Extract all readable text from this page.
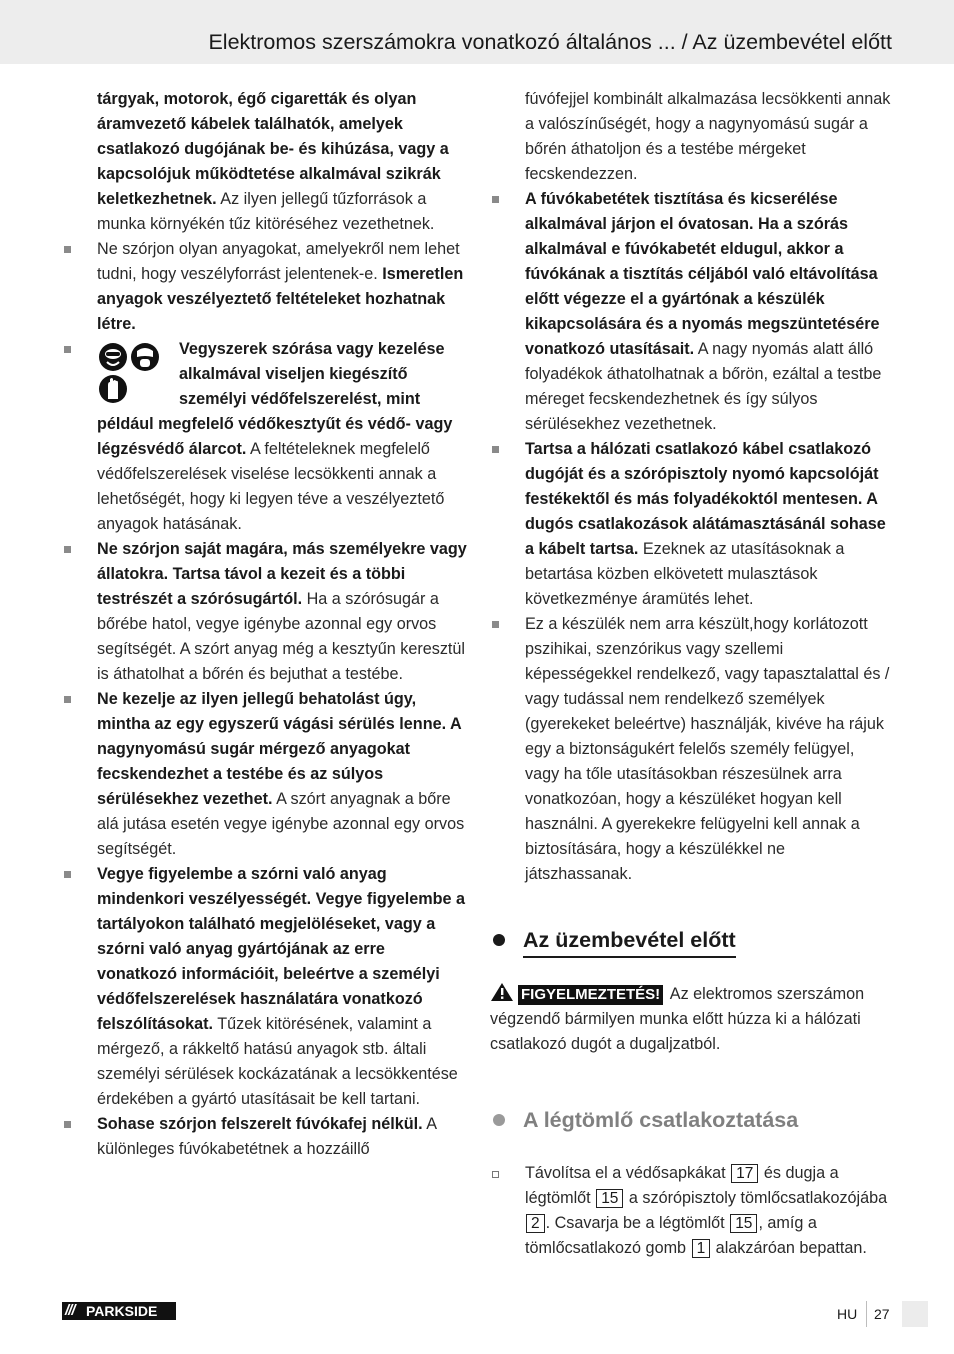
Elektromos szerszámokra vonatkozó általános ... / Az üzembevétel előtt
tárgyak, motorok, égő cigaretták és olyan áramvezető kábelek találhatók, amelyek csatlakozó dugójának be- és kihúzása, vagy a kapcsolójuk működtetése alkalmával szikrák keletkezhetnek. Az ilyen jellegű tűzforrások a munka környékén tűz kitöréséhez vezethetnek.
Ne szórjon olyan anyagokat, amelyekről nem lehet tudni, hogy veszélyforrást jelentenek-e. Ismeretlen anyagok veszélyeztető feltételeket hozhatnak létre.
Vegyszerek szórása vagy kezelése alkalmával viseljen kiegészítő személyi védőfelszerelést, mint például megfelelő védőkesztyűt és védő- vagy légzésvédő álarcot. A feltételeknek megfelelő védőfelszerelések viselése lecsökkenti annak a lehetőségét, hogy ki legyen téve a veszélyeztető anyagok hatásának.
Ne szórjon saját magára, más személyekre vagy állatokra. Tartsa távol a kezeit és a többi testrészét a szórósugártól. Ha a szórósugár a bőrébe hatol, vegye igénybe azonnal egy orvos segítségét. A szórt anyag még a kesztyűn keresztül is áthatolhat a bőrén és bejuthat a testébe.
Ne kezelje az ilyen jellegű behatolást úgy, mintha az egy egyszerű vágási sérülés lenne. A nagynyomású sugár mérgező anyagokat fecskendezhet a testébe és az súlyos sérülésekhez vezethet. A szórt anyagnak a bőre alá jutása esetén vegye igénybe azonnal egy orvos segítségét.
Vegye figyelembe a szórni való anyag mindenkori veszélyességét. Vegye figyelembe a tartályokon található megjelöléseket, vagy a szórni való anyag gyártójának az erre vonatkozó információit, beleértve a személyi védőfelszerelések használatára vonatkozó felszólításokat. Tűzek kitörésének, valamint a mérgező, a rákkeltő hatású anyagok stb. általi személyi sérülések kockázatának a lecsökkentése érdekében a gyártó utasításait be kell tartani.
Sohase szórjon felszerelt fúvókafej nélkül. A különleges fúvókabetétnek a hozzáillő
fúvófejjel kombinált alkalmazása lecsökkenti annak a valószínűségét, hogy a nagynyomású sugár a bőrén áthatoljon és a testébe mérgeket fecskendezzen.
A fúvókabetétek tisztítása és kicserélése alkalmával járjon el óvatosan. Ha a szórás alkalmával e fúvókabetét eldugul, akkor a fúvókának a tisztítás céljából való eltávolítása előtt végezze el a gyártónak a készülék kikapcsolására és a nyomás megszüntetésére vonatkozó utasításait. A nagy nyomás alatt álló folyadékok áthatolhatnak a bőrön, ezáltal a testbe méreget fecskendezhetnek és így súlyos sérülésekhez vezethetnek.
Tartsa a hálózati csatlakozó kábel csatlakozó dugóját és a szórópisztoly nyomó kapcsolóját festékektől és más folyadékoktól mentesen. A dugós csatlakozások alátámasztásánál sohase a kábelt tartsa. Ezeknek az utasításoknak a betartása közben elkövetett mulasztások következménye áramütés lehet.
Ez a készülék nem arra készült,hogy korlátozott pszihikai, szenzórikus vagy szellemi képességekkel rendelkező, vagy tapasztalattal és / vagy tudással nem rendelkező személyek (gyerekeket beleértve) használják, kivéve ha rájuk egy a biztonságukért felelős személy felügyel, vagy ha tőle utasításokban részesülnek arra vonatkozóan, hogy a készüléket hogyan kell használni. A gyerekekre felügyelni kell annak a biztosítására, hogy a készülékkel ne játszhassanak.
Az üzembevétel előtt
FIGYELMEZTETÉS! Az elektromos szerszámon végzendő bármilyen munka előtt húzza ki a hálózati csatlakozó dugót a dugaljzatból.
A légtömlő csatlakoztatása
Távolítsa el a védősapkákat 17 és dugja a légtömlőt 15 a szórópisztoly tömlőcsatlakozójába 2 . Csavarja be a légtömlőt 15 , amíg a tömlőcsatlakozó gomb 1 alakzáróan bepattan.
/// PARKSIDE	HU 27
